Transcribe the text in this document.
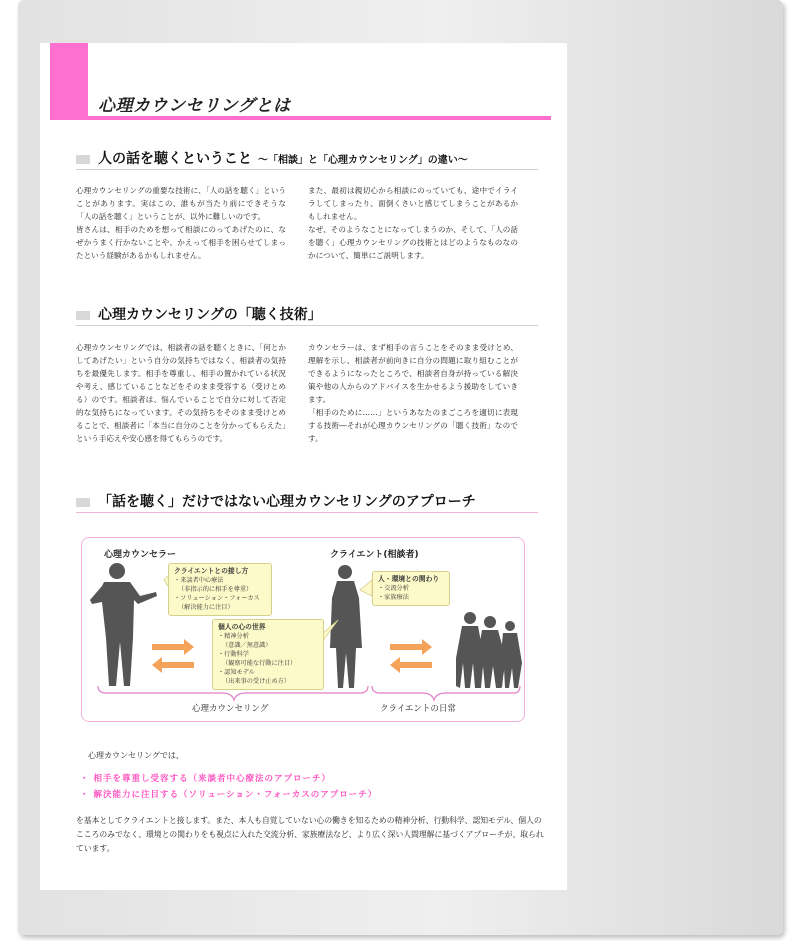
心理カウンセリングとは
人の話を聴くということ ～「相談」と「心理カウンセリング」の違い～

心理カウンセリングの重要な技術に、「人の話を聴く」ということがあります。実はこの、誰もが当たり前にできそうな「人の話を聴く」ということが、以外に難しいのです。

皆さんは、相手のためを想って相談にのってあげたのに、なぜかうまく行かないことや、かえって相手を困らせてしまったという経験があるかもしれません。

また、最初は親切心から相談にのっていても、途中でイライラしてしまったり、面倒くさいと感じてしまうことがあるかもしれません。

なぜ、そのようなことになってしまうのか、そして、「人の話を聴く」心理カウンセリングの技術とはどのようなものなのかについて、簡単にご説明します。

心理カウンセリングの「聴く技術」

心理カウンセリングでは、相談者の話を聴くときに、「何とかしてあげたい」という自分の気持ちではなく、相談者の気持ちを最優先します。相手を尊重し、相手の置かれている状況や考え、感じていることなどをそのまま受容する（受けとめる）のです。相談者は、悩んでいることで自分に対して否定的な気持ちになっています。その気持ちをそのまま受けとめることで、相談者に「本当に自分のことを分かってもらえた」という手応えや安心感を得てもらうのです。

カウンセラーは、まず相手の言うことをそのまま受けとめ、理解を示し、相談者が前向きに自分の問題に取り組むことができるようになったところで、相談者自身が持っている解決策や他の人からのアドバイスを生かせるよう援助をしていきます。

「相手のために……」というあなたのまごころを適切に表現する技術―それが心理カウンセリングの「聴く技術」なのです。

「話を聴く」だけではない心理カウンセリングのアプローチ
心理カウンセラー	クライエント(相談者)
クライエントとの接し方
・来談者中心療法
（非指示的に相手を尊重）
・ソリューション・フォーカス
（解決能力に注目）
個人の心の世界
・精神分析
（意識／無意識）
・行動科学
（観察可能な行動に注目）
・認知モデル
（出来事の受け止め方）
人・環境との関わり
・交流分析
・家族療法
心理カウンセリング	クライエントの日常
心理カウンセリングでは、
・ 相手を尊重し受容する（来談者中心療法のアプローチ）
・ 解決能力に注目する（ソリューション・フォーカスのアプローチ）
を基本としてクライエントと接します。また、本人も自覚していない心の働きを知るための精神分析、行動科学、認知モデル、個人のこころのみでなく、環境との関わりをも視点に入れた交流分析、家族療法など、より広く深い人間理解に基づくアプローチが、取られています。
